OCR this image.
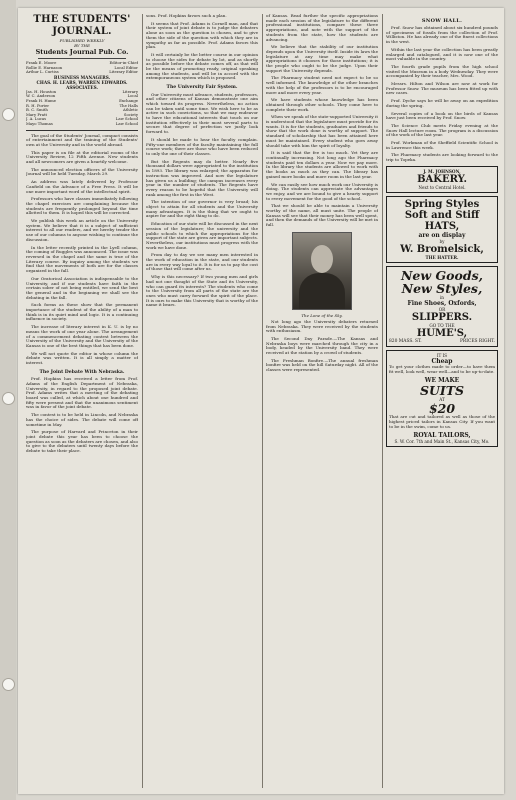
THE STUDENTS' JOURNAL.
PUBLISHED WEEKLY
BY THE
Students Journal Pub. Co.
Frank E. Moore	Editor-in-Chief
Rollie E. Harnason	Local Editor
Arthur L. Curtiss	Literary Editor
BUSINESS MANAGERS.
CHAS. H. LEARS, WARREN EDWARDS.
ASSOCIATES.
Jas. H. Houston	Literary
W. C. Anderson	Local
Frank H. Hume	Exchange
R. H. Porter	The Halls
B. C. Smith	Athletic
Mary Pratt	Society
J. A. Lucas	Law School
Mayo Thomas	Law School

The goal of the Students' Journal, compact consists of entertainment and the training of the Students' own at the University and in the world abroad.

This paper is on file at the editorial rooms of the University Review, 12 Fifth Avenue. New students and all newcomers are given a heartily welcome.

The announced election officers of the University Journal will be held Tuesday, March 29.

An address was lately delivered by Professor Canfield on the Advance of a Free Press. It will be one more important word of the intellectual spirit.

Professors who have classes immediately following the chapel exercises are complaining because the students are frequently prolonged beyond the time allotted to them. It is hoped this will be corrected.

We publish this week an article on the University system. We believe that it is a subject of sufficient interest to all our readers, and we hereby tender the use of our columns to anyone wishing to continue the discussion.

In the letter recently printed in the Lyell column, the coming of Ruggles was announced. The issue was reversed in the chapel and the same is true of the Literary course. By inquiry among the students we find that the movements of both are for the classes organized in the fall.

Our Oratorical Association is indispensable to the University, and if our students have faith in the certain sober of not being entitled, we send the best the general and in the beginning we shall see the debating in the fall.

Such forms as these show that the permanent importance of the student of the ability of a man to think is in its quiet mind and logic. It is a continuing influence in society.

The increase of literary interest in K. U. is by no means the work of one year alone. The arrangement of a commencement debating contest between the University of the University and the University of the Kansas is one of the best things that has been done.

We will not quote the editor in whose column the debate was written. It is all simply a matter of interest.

The Joint Debate With Nebraska.

Prof. Hopkins has received a letter from Prof. Adams of the English Department of Nebraska, University, in regard to the proposed joint debate. Prof. Adams writes that a meeting of the debating board was called, at which about one hundred and fifty were present and that the unanimous sentiment was in favor of the joint debate.

The contest is to be held in Lincoln, and Nebraska has the choice of sides. The debate will come off sometime in May.

The purpose of Harvard and Princeton in their joint debate this year has been to choose the question as soon as the debaters are chosen, and also to give to the debaters until twenty days before the debate to take their place.

sons. Prof. Hopkins favors such a plan.

It seems that Prof. Adams is Cornell man, and that their system of joint debate is to judge the debaters alone as soon as the question is chosen, and to give them the side of the question with which they are in sympathy as far as possible. Prof. Adams favors this plan.

It will certainly be the better course in our opinion to choose the sides for debate by lot, and as shortly as possible before the debate comes off, as that will be the means of promoting ready, original speaking among the students, and will be in accord with the extemporaneous system which is proposed.

The University Fair System.

Our University must advance, students, professors, and other citizens of Kansas demonstrate one aim which toward its progress. Nevertheless, no action can be taken until some time. We wish here to be as active in such convictions, so that we may endeavor to have the educational interests that touch on our institution effectively in their most several parts to secure that degree of perfection we justly look forward to.

It should be made to hear the faculty complain. Fifty-one members of the faculty maintaining the full course work; there are those who have been reduced to only the one of their classes.

But the Regents may do better. Nearly five thousand dollars were appropriated to the institution in 1893. The library was enlarged; the apparatus for instruction was improved. And now the legislature has given us a building; the campus increases every year in the number of students. The Regents have every reason to be hopeful that the University will rank among the first in the West.

The intention of our governor is very broad; his object to attain for all students and the University many advantages. It is the thing that we ought to aspire for and the right thing to do.

Education of our state will be discussed in the next session of the legislature; the university and the public schools to which the appropriations for the support of the state are given are important subjects. Nevertheless, our institutions must progress with the work we have done.

From day to day we see many men interested in the work of education in the state, and our students are in every way loyal to it. It is for us to pay the cost of those that will come after us.

Why is this necessary? If two young men and girls had not one thought of the State and its University, who can guard its interests? The students who come to the University from all parts of the state are the ones who must carry forward the spirit of the place. It is ours to make this University that is worthy of the name it bears.

of Kansas. Read further the specific appropriations made each session of the legislature to the different professional institutions, compare these three appropriations, and note with the support of the students from the state, how the students are advancing.

We believe that the stability of our institution depends upon the University itself. Inside its laws the legislature at any time may make what appropriations it chooses for those institutions; it is the people who ought to be the judge. Upon their support the University depends.

The Pharmacy student need not expect to be so well informed. The knowledge of the other branches with the help of the professors is to be encouraged more and more every year.

We have students whose knowledge has been obtained through other schools. They come here to complete their work.

When we speak of the state-supported University it is understood that the legislature must provide for its wants. It is for the students, graduates and friends to show that the work done is worthy of support. The standard of scholarship that has been attained here must be maintained. Every student who goes away should take with him the spirit of loyalty.

It is said that the fee is too much. Yet they are continually increasing. Not long ago the Pharmacy students paid ten dollars a year. Now we pay more. In the library the students are allowed to work with the books as much as they can. The library has gained more books and more room in the last year.

We can easily see how much work our University is doing. The students can appreciate the advantages we enjoy, and we are bound to give a hearty support to every movement for the good of the school.

That we should be able to maintain a University worthy of the name, all must unite. The people of Kansas will see that their money has been well spent, and then the demands of the University will be met in full.

The Lone of the Sky.

Not long ago the University debaters returned from Nebraska. They were received by the students with enthusiasm.

The Second Day Parade.—The Kansas and Nebraska boys were marched through the city in a body, headed by the University band. They were received at the station by a crowd of students.

The Freshman Bonfire.—The annual freshman bonfire was held on the hill Saturday night. All of the classes were represented.

SNOW HALL.

Prof. Snow has obtained about six hundred pounds of specimens of fossils from the collection of Prof. Williston. He has already one of the finest collections in the west.

Within the last year the collection has been greatly enlarged and catalogued, and it is now one of the most valuable in the country.

The fourth grade pupils from the high school visited the Museum in a body Wednesday. They were accompanied by their teacher, Mrs. Wood.

Messrs. Hilton and Wilson are now at work for Professor Snow. The museum has been fitted up with new cases.

Prof. Dyche says he will be away on an expedition during the spring.

Several copies of a book on the birds of Kansas have just been received by Prof. Snow.

The Science Club meets Friday evening at the Snow Hall lecture room. The program is a discussion of the work of the last year.

Prof. Workman of the Sheffield Scientific School is in Lawrence this week.

The Pharmacy students are looking forward to the trip to Topeka.

J. M. JOHNSON,
BAKERY.
Next to Central Hotel.
Spring Styles
Soft and Stiff
HATS,
are on display
by
W. Bromelsick,
THE HATTER.
New Goods,
New Styles,
in
Fine Shoes, Oxfords,
OR
SLIPPERS.
GO TO THE
HUME'S,
820 MASS. ST.	PRICES RIGHT.
IT IS
Cheap

To get your clothes made to order—to have them fit well, look well, wear well—and to be up-to-date.

WE MAKE
SUITS
AT
$20

That are cut and tailored as well as those of the highest priced tailors in Kansas City. If you want to be in the swim, come to us.

ROYAL TAILORS,
S. W. Cor. 7th and Main St., Kansas City, Mo.
